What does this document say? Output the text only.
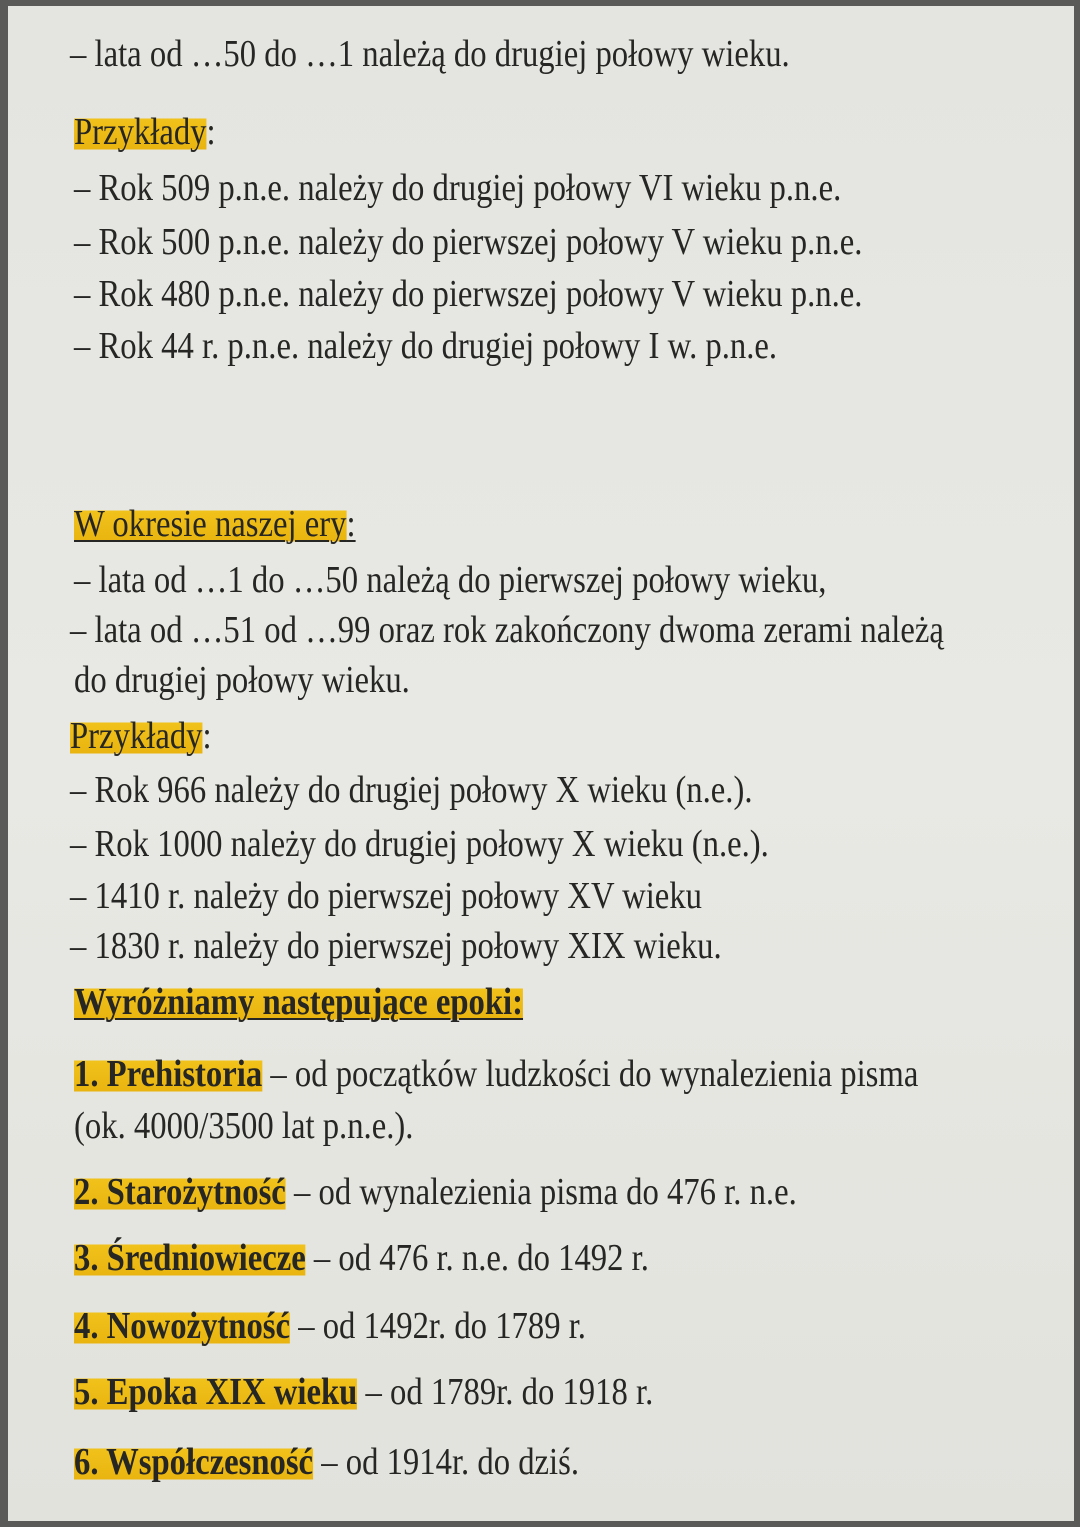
– lata od …50 do …1 należą do drugiej połowy wieku.
Przykłady:
– Rok 509 p.n.e. należy do drugiej połowy VI wieku p.n.e.
– Rok 500 p.n.e. należy do pierwszej połowy V wieku p.n.e.
– Rok 480 p.n.e. należy do pierwszej połowy V wieku p.n.e.
– Rok 44 r. p.n.e. należy do drugiej połowy I w. p.n.e.
W okresie naszej ery:
– lata od …1 do …50 należą do pierwszej połowy wieku,
– lata od …51 od …99 oraz rok zakończony dwoma zerami należą
do drugiej połowy wieku.
Przykłady:
– Rok 966 należy do drugiej połowy X wieku (n.e.).
– Rok 1000 należy do drugiej połowy X wieku (n.e.).
– 1410 r. należy do pierwszej połowy XV wieku
– 1830 r. należy do pierwszej połowy XIX wieku.
Wyróżniamy następujące epoki:
1. Prehistoria – od początków ludzkości do wynalezienia pisma
(ok. 4000/3500 lat p.n.e.).
2. Starożytność – od wynalezienia pisma do 476 r. n.e.
3. Średniowiecze – od 476 r. n.e. do 1492 r.
4. Nowożytność – od 1492r. do 1789 r.
5. Epoka XIX wieku – od 1789r. do 1918 r.
6. Współczesność – od 1914r. do dziś.
